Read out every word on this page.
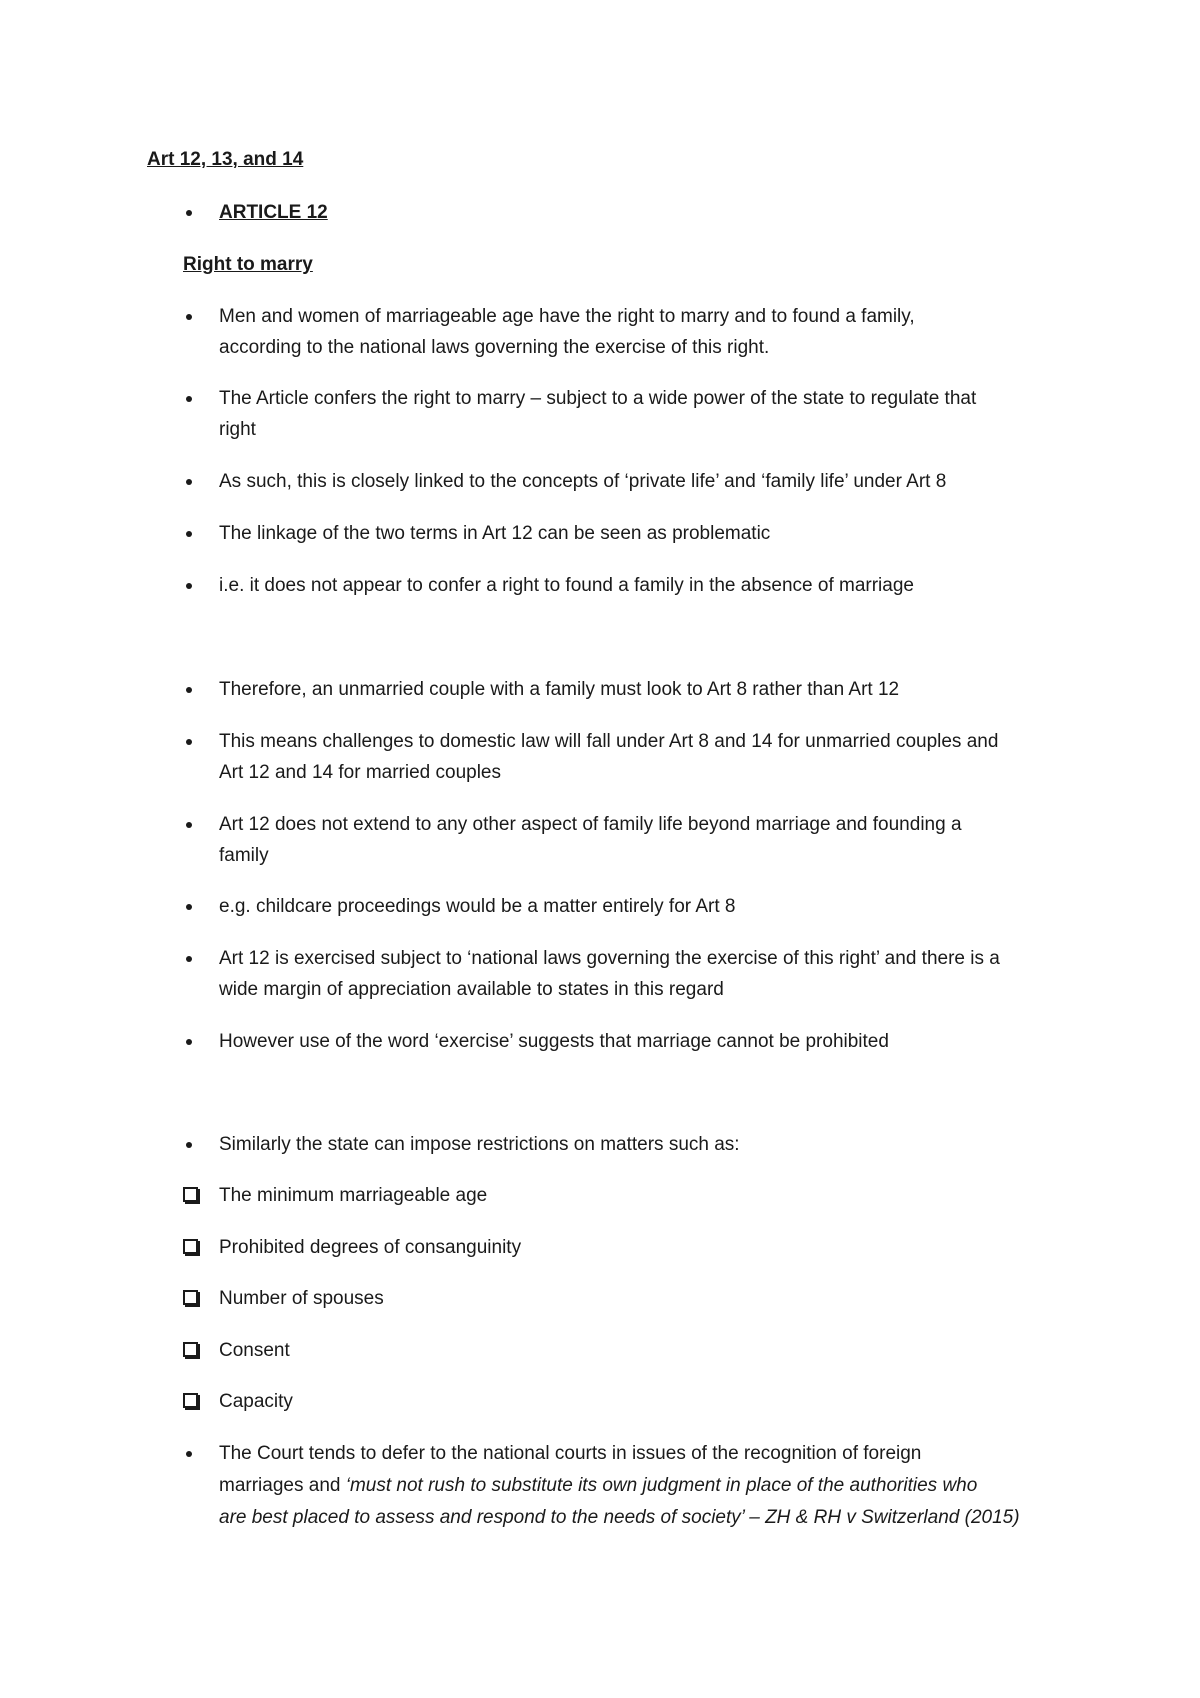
Art 12, 13, and 14
ARTICLE 12
Right to marry
Men and women of marriageable age have the right to marry and to found a family,
according to the national laws governing the exercise of this right.
The Article confers the right to marry – subject to a wide power of the state to regulate that
right
As such, this is closely linked to the concepts of ‘private life’ and ‘family life’ under Art 8
The linkage of the two terms in Art 12 can be seen as problematic
i.e. it does not appear to confer a right to found a family in the absence of marriage
Therefore, an unmarried couple with a family must look to Art 8 rather than Art 12
This means challenges to domestic law will fall under Art 8 and 14 for unmarried couples and
Art 12 and 14 for married couples
Art 12 does not extend to any other aspect of family life beyond marriage and founding a
family
e.g. childcare proceedings would be a matter entirely for Art 8
Art 12 is exercised subject to ‘national laws governing the exercise of this right’ and there is a
wide margin of appreciation available to states in this regard
However use of the word ‘exercise’ suggests that marriage cannot be prohibited
Similarly the state can impose restrictions on matters such as:
The minimum marriageable age
Prohibited degrees of consanguinity
Number of spouses
Consent
Capacity
The Court tends to defer to the national courts in issues of the recognition of foreign
marriages and ‘must not rush to substitute its own judgment in place of the authorities who
are best placed to assess and respond to the needs of society’ – ZH & RH v Switzerland (2015)
